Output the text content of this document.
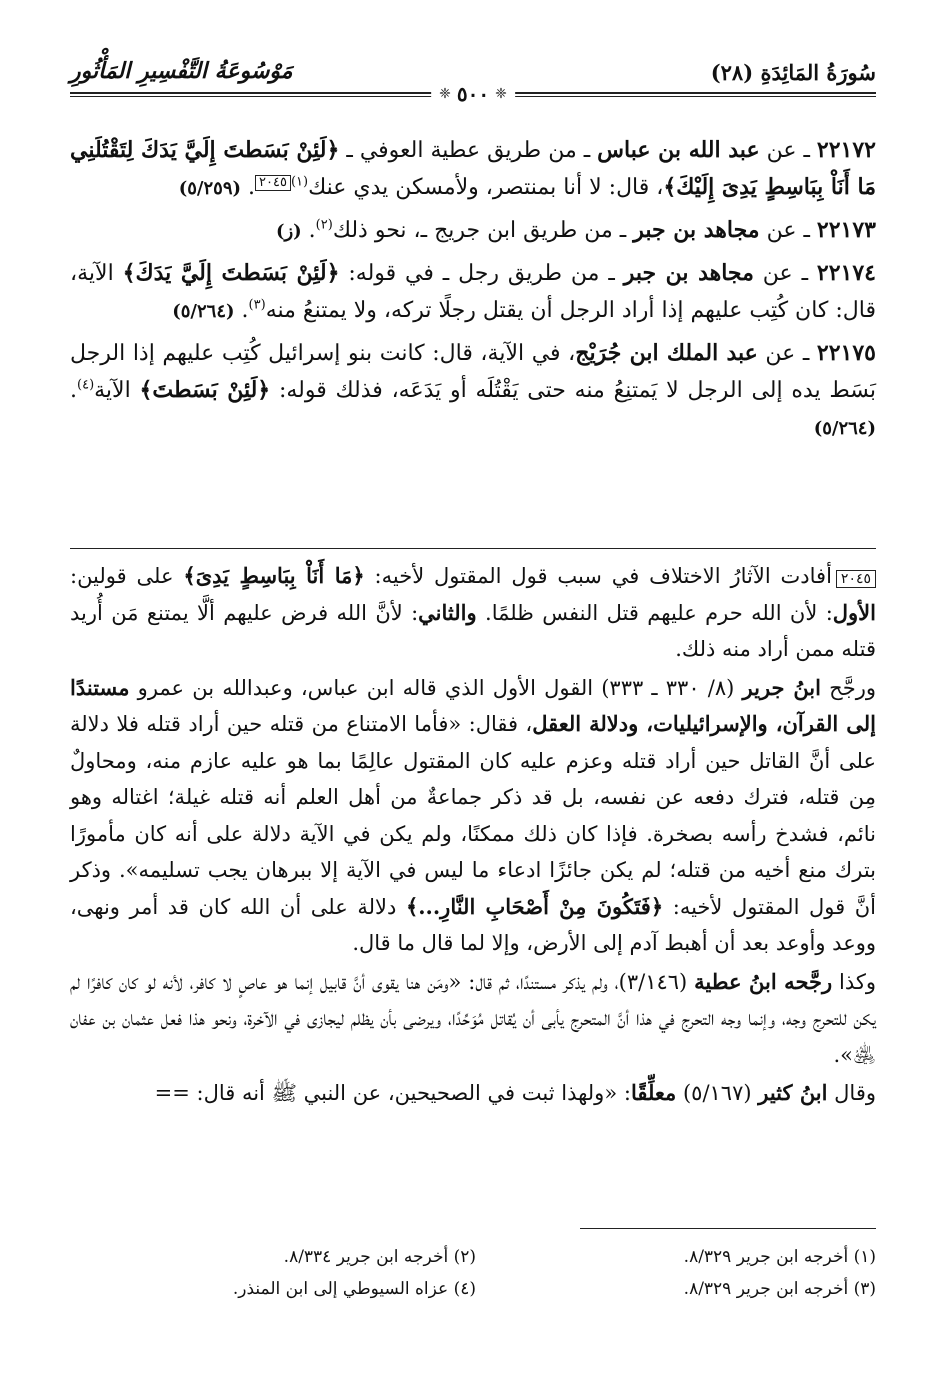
سُورَةُ المَائِدَةِ (٢٨)
مَوْسُوعَةُ التَّفْسِيرِ المَأْثُورِ
❈
٥٠٠
❈

٢٢١٧٢ ـ عن عبد الله بن عباس ـ من طريق عطية العوفي ـ ﴿لَئِنْ بَسَطتَ إِلَيَّ يَدَكَ لِتَقْتُلَنِي مَا أَنَاْ بِبَاسِطٍ يَدِىَ إِلَيْكَ﴾، قال: لا أنا بمنتصر، ولأمسكن يدي عنك$^{(١)}$٢٠٤٥. (٥/٢٥٩)

٢٢١٧٣ ـ عن مجاهد بن جبر ـ من طريق ابن جريج ـ، نحو ذلك$^{(٢)}$. (ز)

٢٢١٧٤ ـ عن مجاهد بن جبر ـ من طريق رجل ـ في قوله: ﴿لَئِنْ بَسَطتَ إِلَيَّ يَدَكَ﴾ الآية، قال: كان كُتِب عليهم إذا أراد الرجل أن يقتل رجلًا تركه، ولا يمتنعُ منه$^{(٣)}$. (٥/٢٦٤)

٢٢١٧٥ ـ عن عبد الملك ابن جُرَيْج، في الآية، قال: كانت بنو إسرائيل كُتِب عليهم إذا الرجل بَسَط يده إلى الرجل لا يَمتنِعُ منه حتى يَقْتُلَه أو يَدَعَه، فذلك قوله: ﴿لَئِنْ بَسَطتَ﴾ الآية$^{(٤)}$. (٥/٢٦٤)

٢٠٤٥أفادت الآثارُ الاختلاف في سبب قول المقتول لأخيه: ﴿مَا أَنَاْ بِبَاسِطٍ يَدِىَ﴾ على قولين: الأول: لأن الله حرم عليهم قتل النفس ظلمًا. والثاني: لأنَّ الله فرض عليهم ألَّا يمتنع مَن أُريد قتله ممن أراد منه ذلك.

ورجَّح ابنُ جرير (٨/ ٣٣٠ ـ ٣٣٣) القول الأول الذي قاله ابن عباس، وعبدالله بن عمرو مستندًا إلى القرآن، والإسرائيليات، ودلالة العقل، فقال: «فأما الامتناع من قتله حين أراد قتله فلا دلالة على أنَّ القاتل حين أراد قتله وعزم عليه كان المقتول عالِمًا بما هو عليه عازم منه، ومحاولٌ مِن قتله، فترك دفعه عن نفسه، بل قد ذكر جماعةٌ من أهل العلم أنه قتله غيلة؛ اغتاله وهو نائم، فشدخ رأسه بصخرة. فإذا كان ذلك ممكنًا، ولم يكن في الآية دلالة على أنه كان مأمورًا بترك منع أخيه من قتله؛ لم يكن جائزًا ادعاء ما ليس في الآية إلا ببرهان يجب تسليمه». وذكر أنَّ قول المقتول لأخيه: ﴿فَتَكُونَ مِنْ أَصْحَابِ النَّارِ...﴾ دلالة على أن الله كان قد أمر ونهى، ووعد وأوعد بعد أن أهبط آدم إلى الأرض، وإلا لما قال ما قال.

وكذا رجَّحه ابنُ عطية (٣/١٤٦)، ولم يذكر مستندًا، ثم قال: «ومَن هنا يقوى أنَّ قابيل إنما هو عاصٍ لا كافر، لأنه لو كان كافرًا لم يكن للتحرج وجه، وإنما وجه التحرج في هذا أنَّ المتحرج يأبى أن يُقاتل مُوَحِّدًا، ويرضى بأن يظلم ليجازى في الآخرة، ونحو هذا فعل عثمان بن عفان ﵁».

وقال ابنُ كثير (٥/١٦٧) معلِّقًا: «ولهذا ثبت في الصحيحين، عن النبي ﷺ أنه قال: ==

(١) أخرجه ابن جرير ٨/٣٢٩.
(٢) أخرجه ابن جرير ٨/٣٣٤.
(٣) أخرجه ابن جرير ٨/٣٢٩.
(٤) عزاه السيوطي إلى ابن المنذر.
